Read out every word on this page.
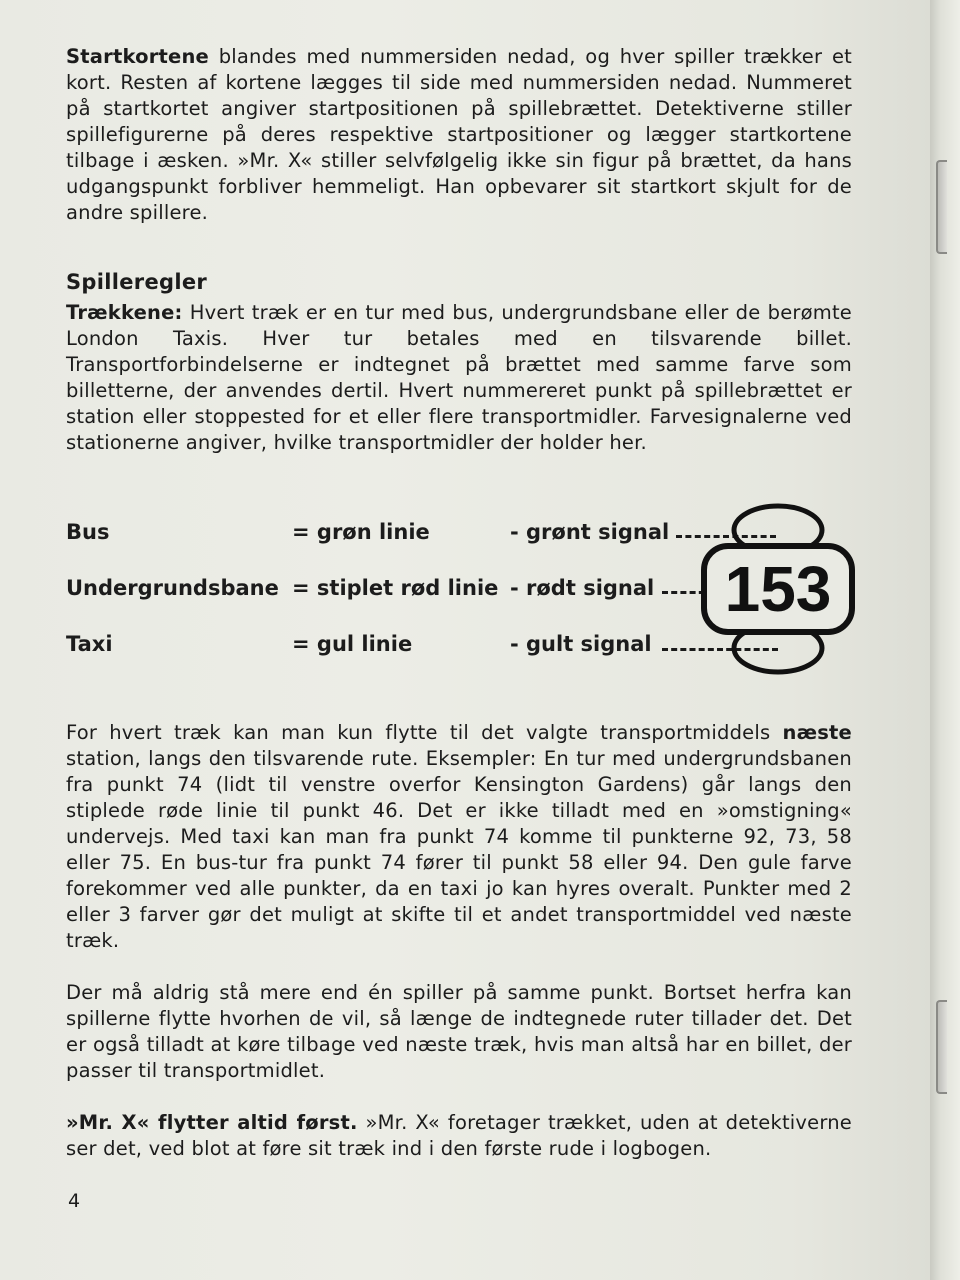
Startkortene blandes med nummersiden nedad, og hver spiller trækker et kort. Resten af kortene lægges til side med nummersiden nedad. Nummeret på startkortet angiver startpositionen på spillebrættet. Detektiverne stiller spillefigurerne på deres respektive startpositioner og lægger startkortene tilbage i æsken. »Mr. X« stiller selvfølgelig ikke sin figur på brættet, da hans udgangspunkt forbliver hemmeligt. Han opbevarer sit startkort skjult for de andre spillere.

Spilleregler

Trækkene: Hvert træk er en tur med bus, undergrundsbane eller de berømte London Taxis. Hver tur betales med en tilsvarende billet. Transportforbindelserne er indtegnet på brættet med samme farve som billetterne, der anvendes dertil. Hvert nummereret punkt på spillebrættet er station eller stoppested for et eller flere transportmidler. Farvesignalerne ved stationerne angiver, hvilke transportmidler der holder her.

Bus	= grøn linie	- grønt signal
Undergrundsbane = stiplet rød linie - rødt signal
Taxi	= gul linie	- gult signal
153

For hvert træk kan man kun flytte til det valgte transportmiddels næste station, langs den tilsvarende rute. Eksempler: En tur med undergrundsbanen fra punkt 74 (lidt til venstre overfor Kensington Gardens) går langs den stiplede røde linie til punkt 46. Det er ikke tilladt med en »omstigning« undervejs. Med taxi kan man fra punkt 74 komme til punkterne 92, 73, 58 eller 75. En bus-tur fra punkt 74 fører til punkt 58 eller 94. Den gule farve forekommer ved alle punkter, da en taxi jo kan hyres overalt. Punkter med 2 eller 3 farver gør det muligt at skifte til et andet transportmiddel ved næste træk.

Der må aldrig stå mere end én spiller på samme punkt. Bortset herfra kan spillerne flytte hvorhen de vil, så længe de indtegnede ruter tillader det. Det er også tilladt at køre tilbage ved næste træk, hvis man altså har en billet, der passer til transportmidlet.

»Mr. X« flytter altid først. »Mr. X« foretager trækket, uden at detektiverne ser det, ved blot at føre sit træk ind i den første rude i logbogen.

4
